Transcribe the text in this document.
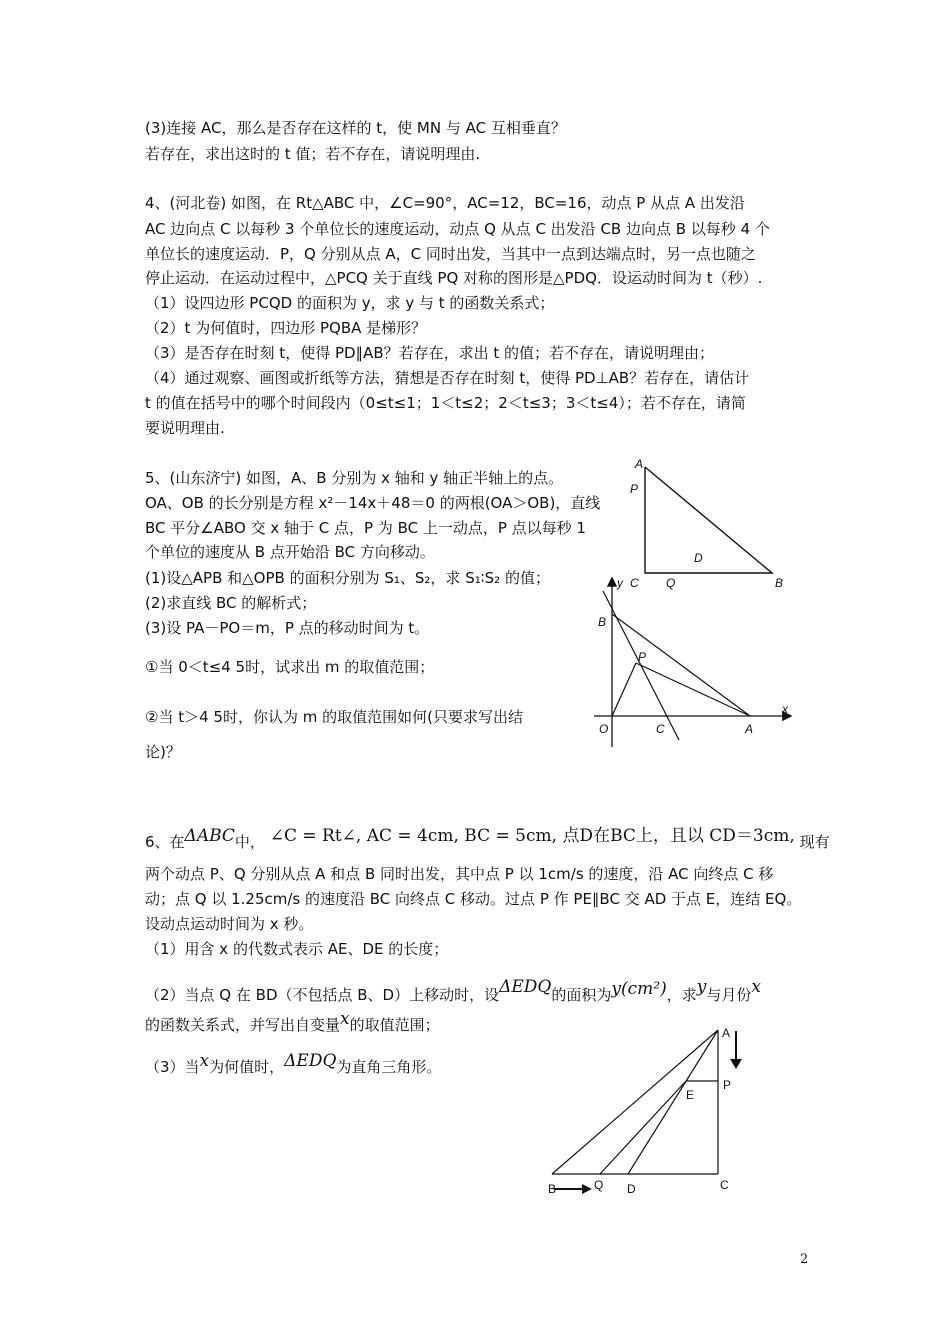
(3)连接 AC，那么是否存在这样的 t，使 MN 与 AC 互相垂直？
若存在，求出这时的 t 值；若不存在，请说明理由.
4、(河北卷) 如图，在 Rt△ABC 中，∠C=90°，AC=12，BC=16，动点 P 从点 A 出发沿
AC 边向点 C 以每秒 3 个单位长的速度运动，动点 Q 从点 C 出发沿 CB 边向点 B 以每秒 4 个
单位长的速度运动．P，Q 分别从点 A，C 同时出发，当其中一点到达端点时，另一点也随之
停止运动．在运动过程中，△PCQ 关于直线 PQ 对称的图形是△PDQ．设运动时间为 t（秒）.
（1）设四边形 PCQD 的面积为 y，求 y 与 t 的函数关系式；
（2）t 为何值时，四边形 PQBA 是梯形？
（3）是否存在时刻 t，使得 PD∥AB？若存在，求出 t 的值；若不存在，请说明理由；
（4）通过观察、画图或折纸等方法，猜想是否存在时刻 t，使得 PD⊥AB？若存在，请估计
t 的值在括号中的哪个时间段内（0≤t≤1；1＜t≤2；2＜t≤3；3＜t≤4）；若不存在，请简
要说明理由.
A
P
D
C Q	B
5、(山东济宁) 如图，A、B 分别为 x 轴和 y 轴正半轴上的点。
OA、OB 的长分别是方程 x²－14x＋48＝0 的两根(OA＞OB)，直线
BC 平分∠ABO 交 x 轴于 C 点，P 为 BC 上一动点，P 点以每秒 1
个单位的速度从 B 点开始沿 BC 方向移动。
(1)设△APB 和△OPB 的面积分别为 S₁、S₂，求 S₁∶S₂ 的值；
(2)求直线 BC 的解析式；
(3)设 PA－PO＝m，P 点的移动时间为 t。
①当 0＜t≤4 5时，试求出 m 的取值范围；
②当 t＞4 5时，你认为 m 的取值范围如何(只要求写出结
论)？
y
B
P
x
O	C	A
6、在ΔABC中， ∠C = Rt∠, AC = 4cm, BC = 5cm, 点D在BC上，且以 CD＝3cm, 现有
两个动点 P、Q 分别从点 A 和点 B 同时出发，其中点 P 以 1cm/s 的速度，沿 AC 向终点 C 移
动；点 Q 以 1.25cm/s 的速度沿 BC 向终点 C 移动。过点 P 作 PE∥BC 交 AD 于点 E，连结 EQ。
设动点运动时间为 x 秒。
（1）用含 x 的代数式表示 AE、DE 的长度；
（2）当点 Q 在 BD（不包括点 B、D）上移动时，设ΔEDQ的面积为y(cm²)，求y与月份x
的函数关系式，并写出自变量x的取值范围；
（3）当x为何值时，ΔEDQ为直角三角形。
A
P
E
B	Q D	C
2
